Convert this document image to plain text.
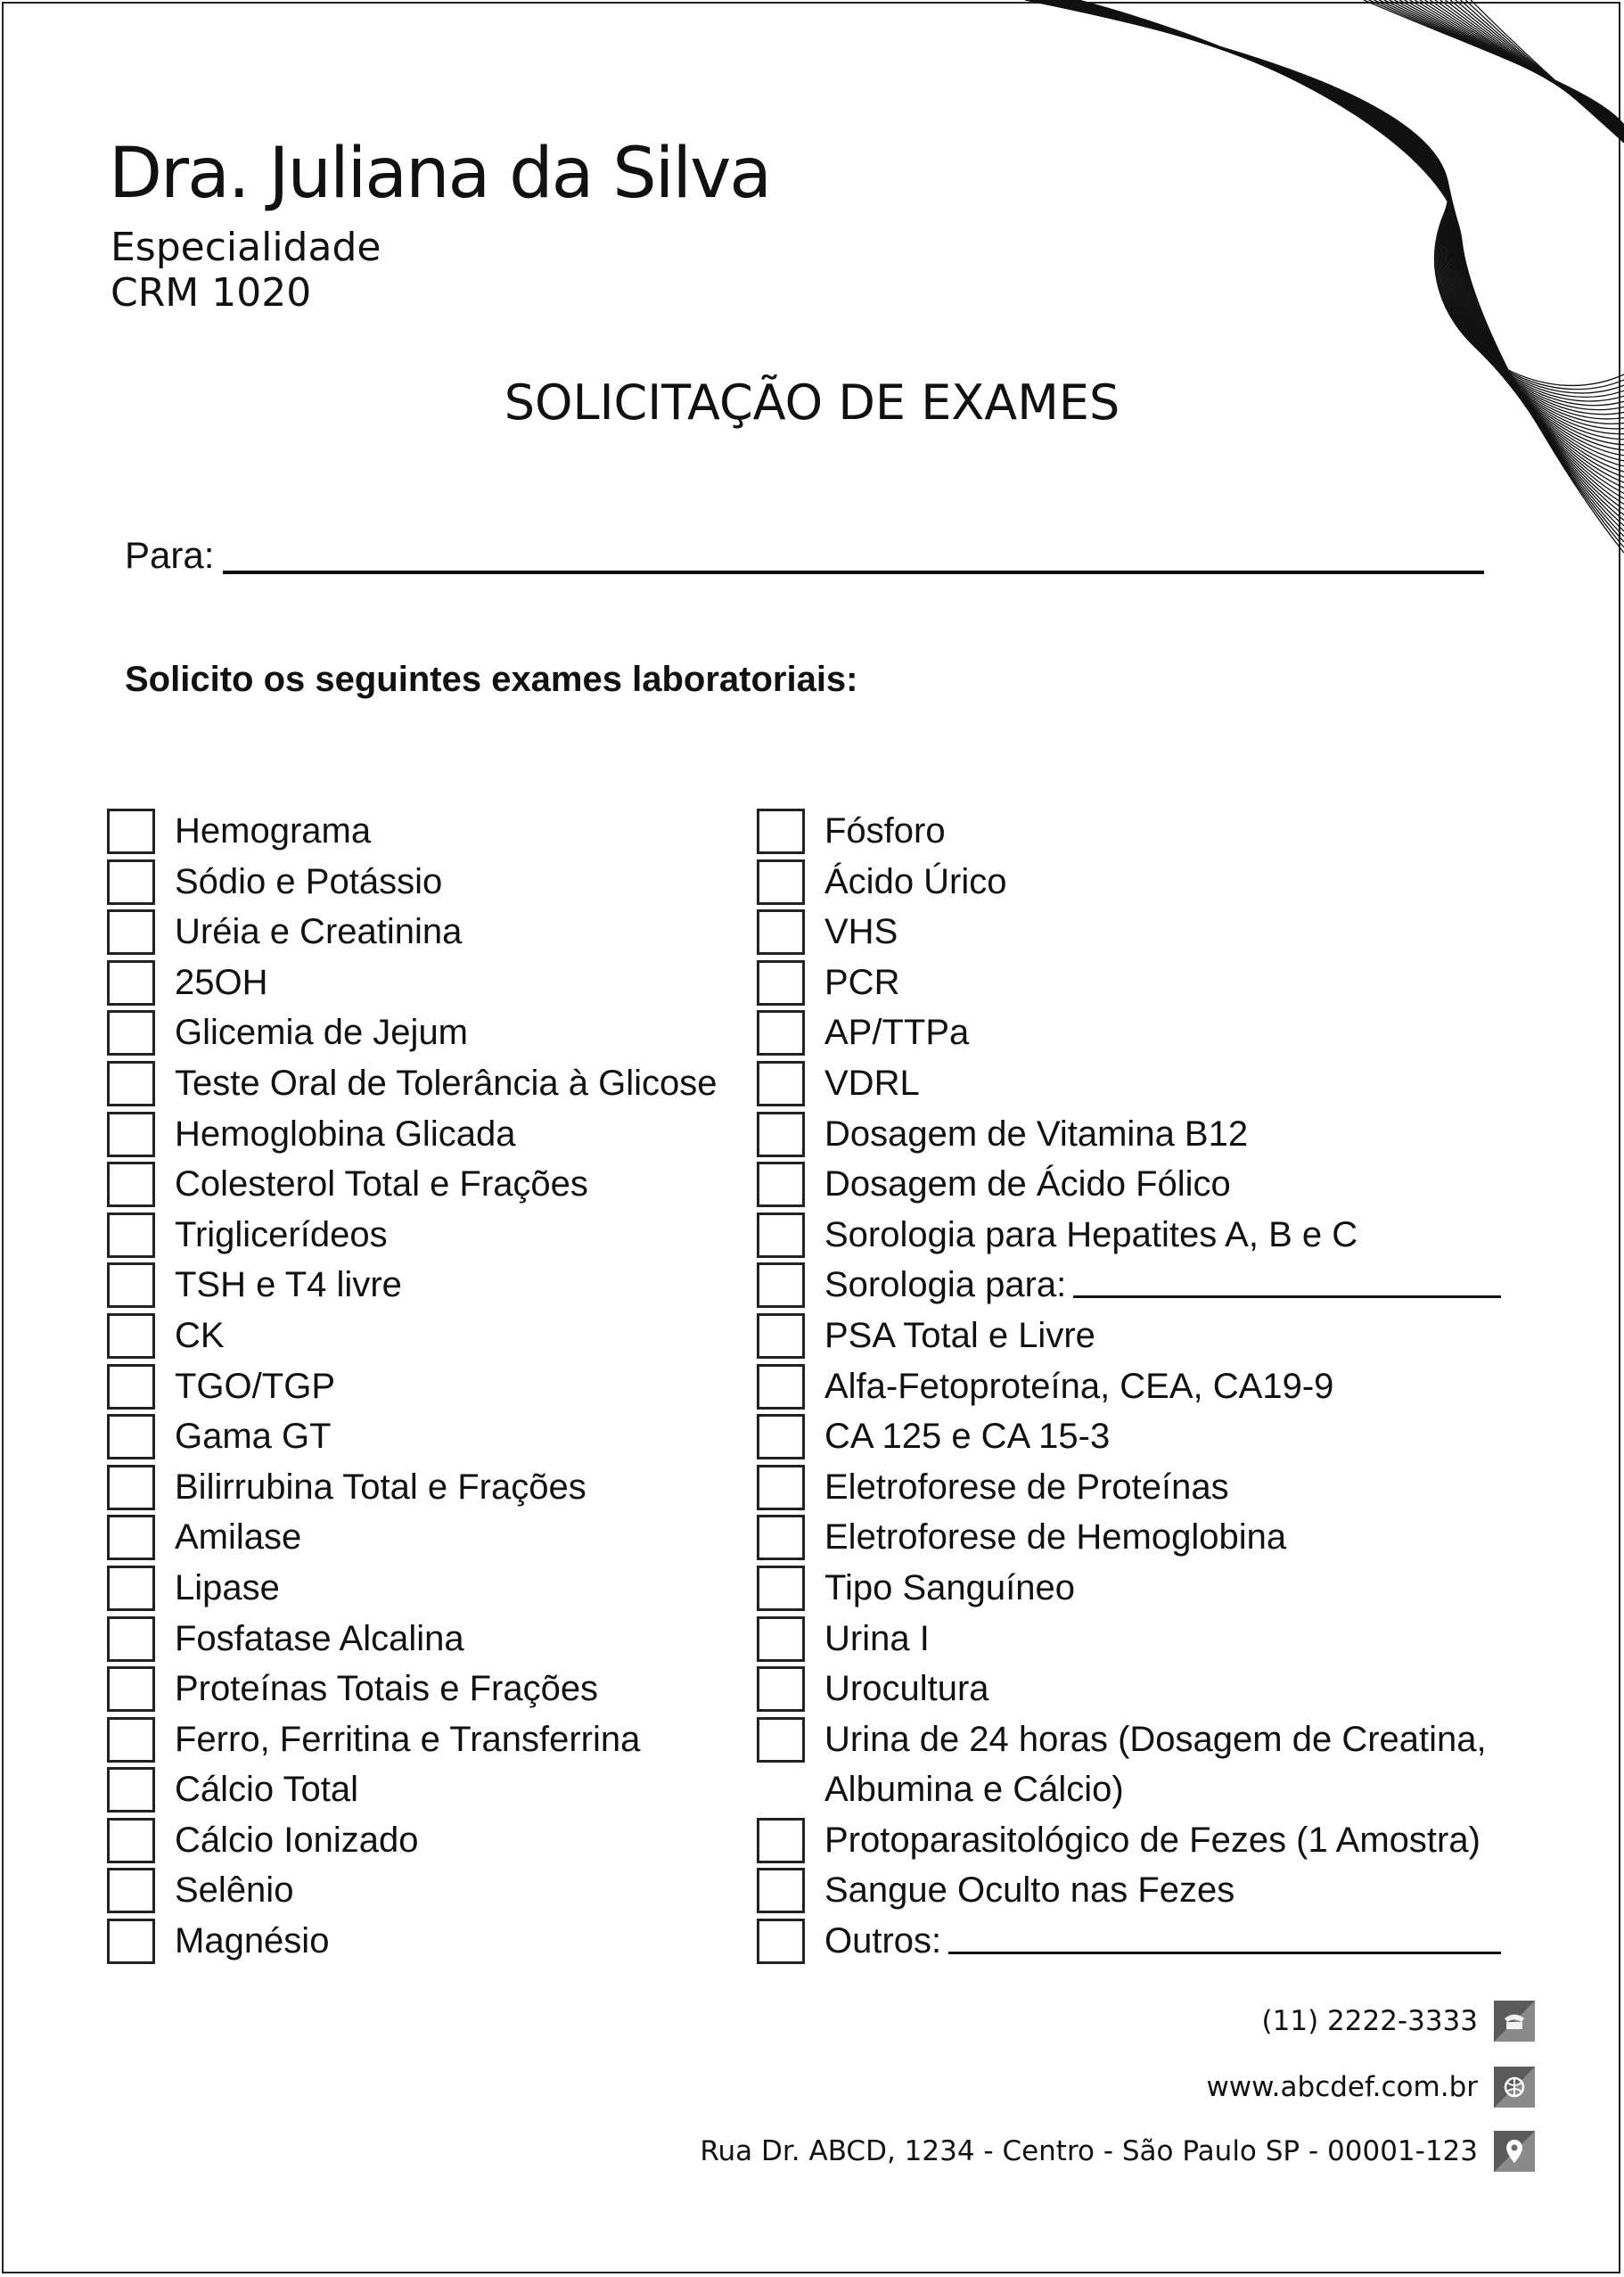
Dra. Juliana da Silva

Especialidade

CRM 1020

SOLICITAÇÃO DE EXAMES
Para:
Solicito os seguintes exames laboratoriais:
Hemograma
Sódio e Potássio
Uréia e Creatinina
25OH
Glicemia de Jejum
Teste Oral de Tolerância à Glicose
Hemoglobina Glicada
Colesterol Total e Frações
Triglicerídeos
TSH e T4 livre
CK
TGO/TGP
Gama GT
Bilirrubina Total e Frações
Amilase
Lipase
Fosfatase Alcalina
Proteínas Totais e Frações
Ferro, Ferritina e Transferrina
Cálcio Total
Cálcio Ionizado
Selênio
Magnésio
Fósforo
Ácido Úrico
VHS
PCR
AP/TTPa
VDRL
Dosagem de Vitamina B12
Dosagem de Ácido Fólico
Sorologia para Hepatites A, B e C
Sorologia para:
PSA Total e Livre
Alfa-Fetoproteína, CEA, CA19-9
CA 125 e CA 15-3
Eletroforese de Proteínas
Eletroforese de Hemoglobina
Tipo Sanguíneo
Urina I
Urocultura
Urina de 24 horas (Dosagem de Creatina,
Albumina e Cálcio)
Protoparasitológico de Fezes (1 Amostra)
Sangue Oculto nas Fezes
Outros:
(11) 2222-3333
www.abcdef.com.br
Rua Dr. ABCD, 1234 - Centro - São Paulo SP - 00001-123
